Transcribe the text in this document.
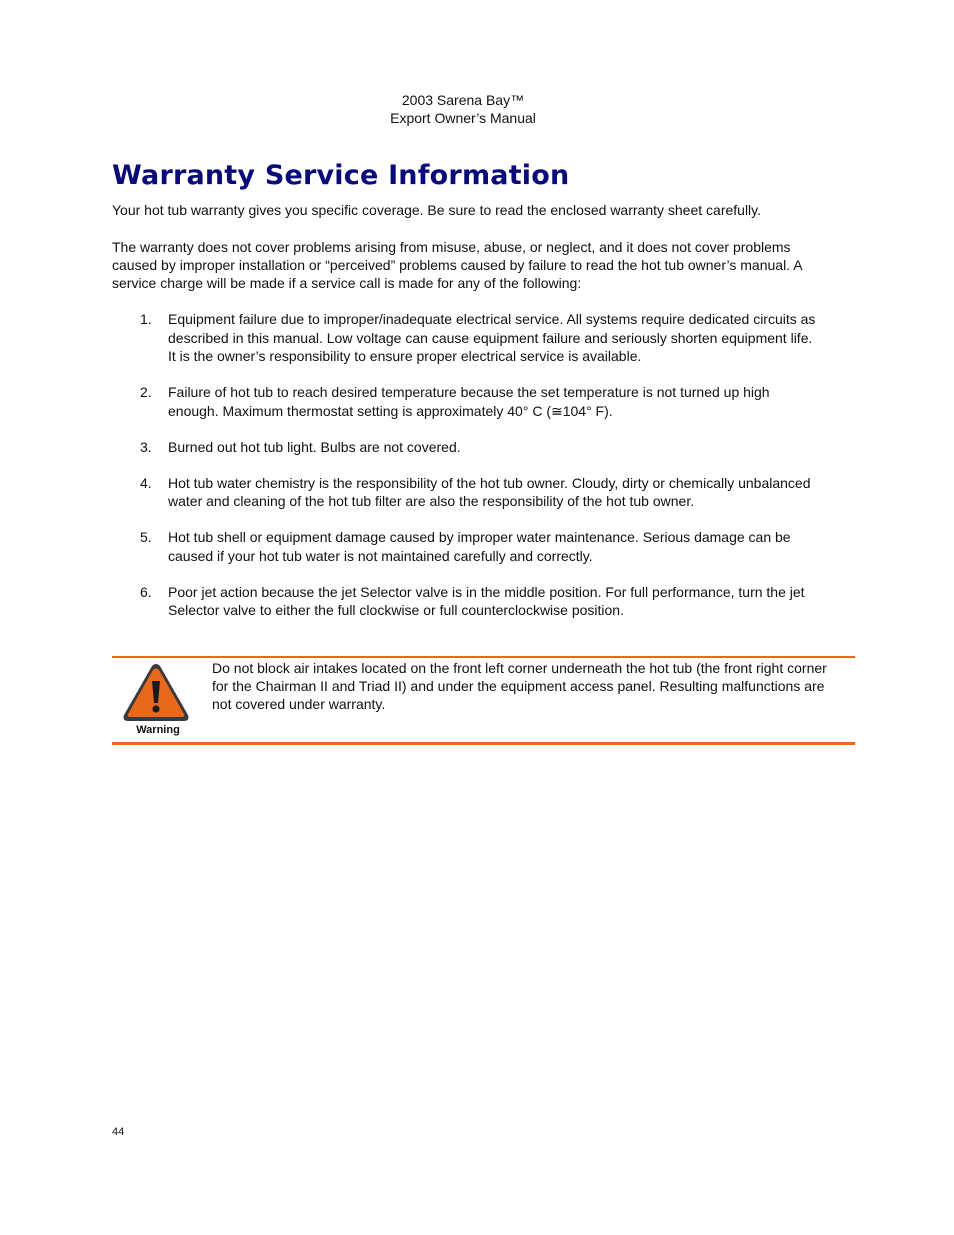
2003 Sarena Bay™
Export Owner’s Manual
Warranty Service Information

Your hot tub warranty gives you specific coverage. Be sure to read the enclosed warranty sheet carefully.

The warranty does not cover problems arising from misuse, abuse, or neglect, and it does not cover problems caused by improper installation or “perceived” problems caused by failure to read the hot tub owner’s manual. A service charge will be made if a service call is made for any of the following:

1. Equipment failure due to improper/inadequate electrical service. All systems require dedicated circuits as described in this manual. Low voltage can cause equipment failure and seriously shorten equipment life. It is the owner’s responsibility to ensure proper electrical service is available.
2. Failure of hot tub to reach desired temperature because the set temperature is not turned up high enough. Maximum thermostat setting is approximately 40° C (≅104° F).
3. Burned out hot tub light. Bulbs are not covered.
4. Hot tub water chemistry is the responsibility of the hot tub owner. Cloudy, dirty or chemically unbalanced water and cleaning of the hot tub filter are also the responsibility of the hot tub owner.
5. Hot tub shell or equipment damage caused by improper water maintenance. Serious damage can be caused if your hot tub water is not maintained carefully and correctly.
6. Poor jet action because the jet Selector valve is in the middle position. For full performance, turn the jet Selector valve to either the full clockwise or full counterclockwise position.
Warning
Do not block air intakes located on the front left corner underneath the hot tub (the front right corner for the Chairman II and Triad II) and under the equipment access panel. Resulting malfunctions are not covered under warranty.
44
